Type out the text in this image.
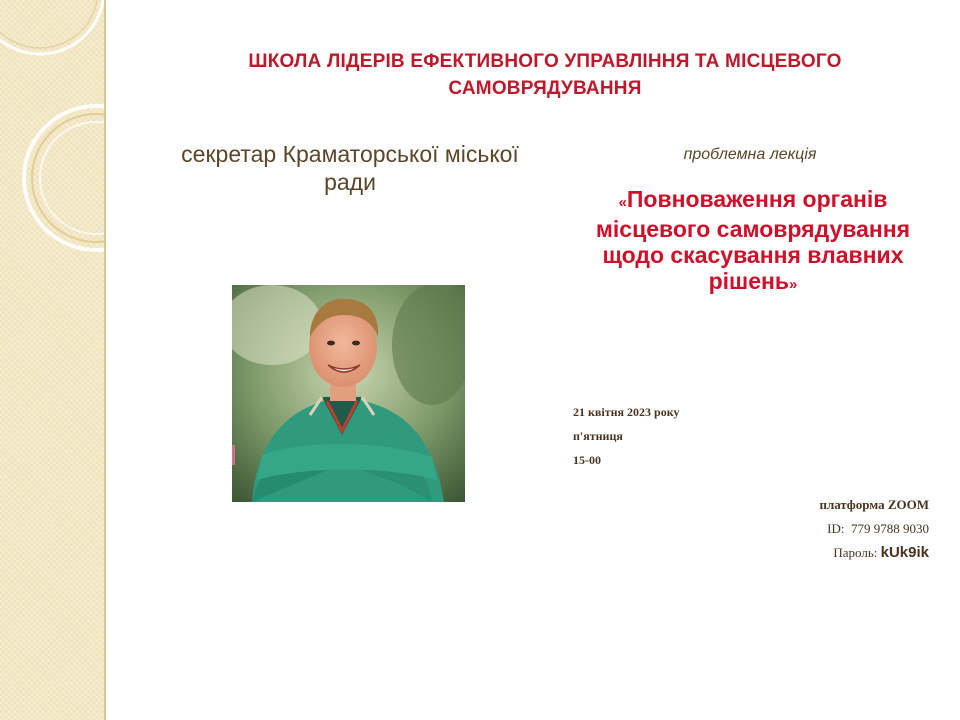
ШКОЛА ЛІДЕРІВ ЕФЕКТИВНОГО УПРАВЛІННЯ ТА МІСЦЕВОГО САМОВРЯДУВАННЯ
секретар Краматорської міської ради
проблемна лекція
«Повноваження органів місцевого самоврядування щодо скасування влавних рішень»
21 квітня 2023 року
п'ятниця
15-00
платформа ZOOM
ID: 779 9788 9030
Пароль: kUk9ik
